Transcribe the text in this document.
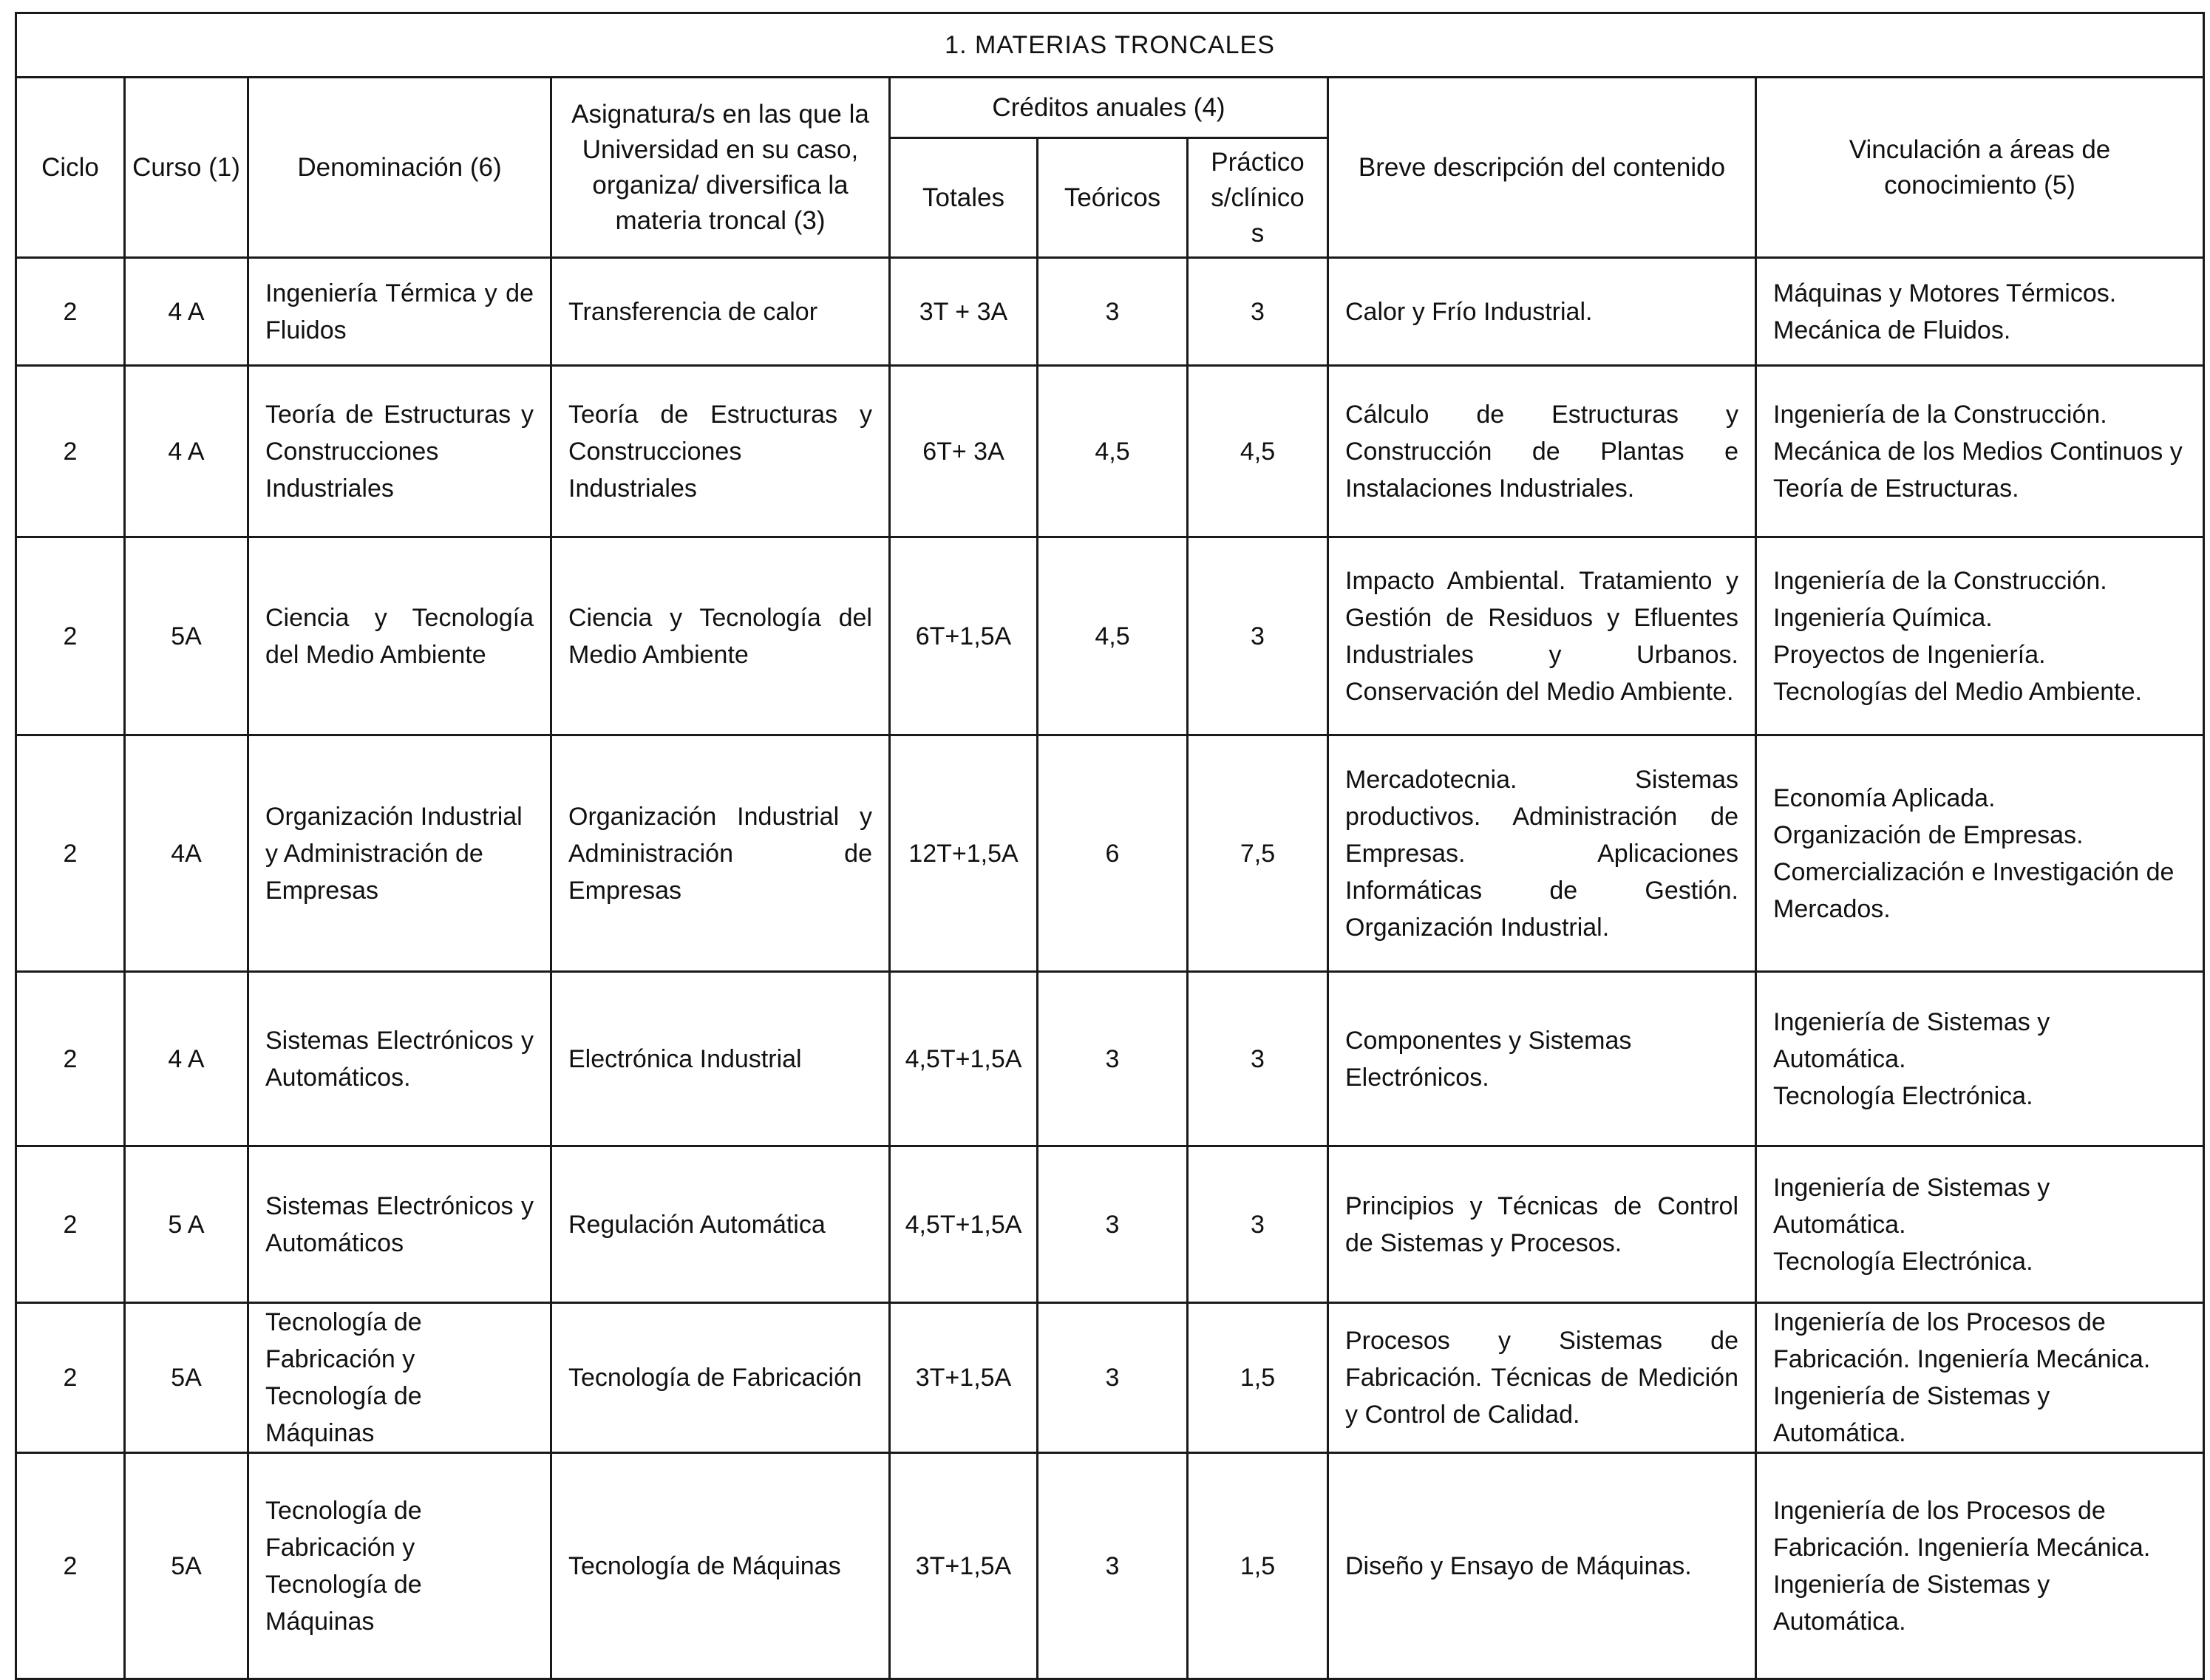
1. MATERIAS TRONCALES								
Ciclo	Curso (1)	Denominación (6)	Asignatura/s en las que la Universidad en su caso, organiza/ diversifica la materia troncal (3)	Créditos anuales (4)			Breve descripción del contenido	Vinculación a áreas de conocimiento (5)
				Totales	Teóricos	Práctico s/clínico s		
2	4 A	Ingeniería Térmica y de Fluidos	Transferencia de calor	3T + 3A	3	3	Calor y Frío Industrial.	Máquinas y Motores Térmicos.
Mecánica de Fluidos.

2	4 A	Teoría de Estructuras y Construcciones Industriales	Teoría de Estructuras y Construcciones Industriales	6T+ 3A	4,5	4,5	Cálculo de Estructuras y Construcción de Plantas e Instalaciones Industriales.	Ingeniería de la Construcción.
Mecánica de los Medios Continuos y Teoría de Estructuras.

2	5A	Ciencia y Tecnología del Medio Ambiente	Ciencia y Tecnología del Medio Ambiente	6T+1,5A	4,5	3	Impacto Ambiental. Tratamiento y Gestión de Residuos y Efluentes Industriales y Urbanos. Conservación del Medio Ambiente.	Ingeniería de la Construcción.
Ingeniería Química.
Proyectos de Ingeniería.
Tecnologías del Medio Ambiente.

2	4A	Organización Industrial y Administración de Empresas	Organización Industrial y Administración de Empresas	12T+1,5A	6	7,5	Mercadotecnia. Sistemas productivos. Administración de Empresas. Aplicaciones Informáticas de Gestión. Organización Industrial.	Economía Aplicada.
Organización de Empresas.
Comercialización e Investigación de Mercados.

2	4 A	Sistemas Electrónicos y Automáticos.	Electrónica Industrial	4,5T+1,5A	3	3	Componentes y Sistemas Electrónicos.	Ingeniería de Sistemas y Automática.
Tecnología Electrónica.

2	5 A	Sistemas Electrónicos y Automáticos	Regulación Automática	4,5T+1,5A	3	3	Principios y Técnicas de Control de Sistemas y Procesos.	Ingeniería de Sistemas y Automática.
Tecnología Electrónica.

2	5A	Tecnología de Fabricación y Tecnología de Máquinas	Tecnología de Fabricación	3T+1,5A	3	1,5	Procesos y Sistemas de Fabricación. Técnicas de Medición y Control de Calidad.	Ingeniería de los Procesos de Fabricación. Ingeniería Mecánica.
Ingeniería de Sistemas y Automática.

2	5A	Tecnología de Fabricación y Tecnología de Máquinas	Tecnología de Máquinas	3T+1,5A	3	1,5	Diseño y Ensayo de Máquinas.	Ingeniería de los Procesos de Fabricación. Ingeniería Mecánica.
Ingeniería de Sistemas y Automática.
